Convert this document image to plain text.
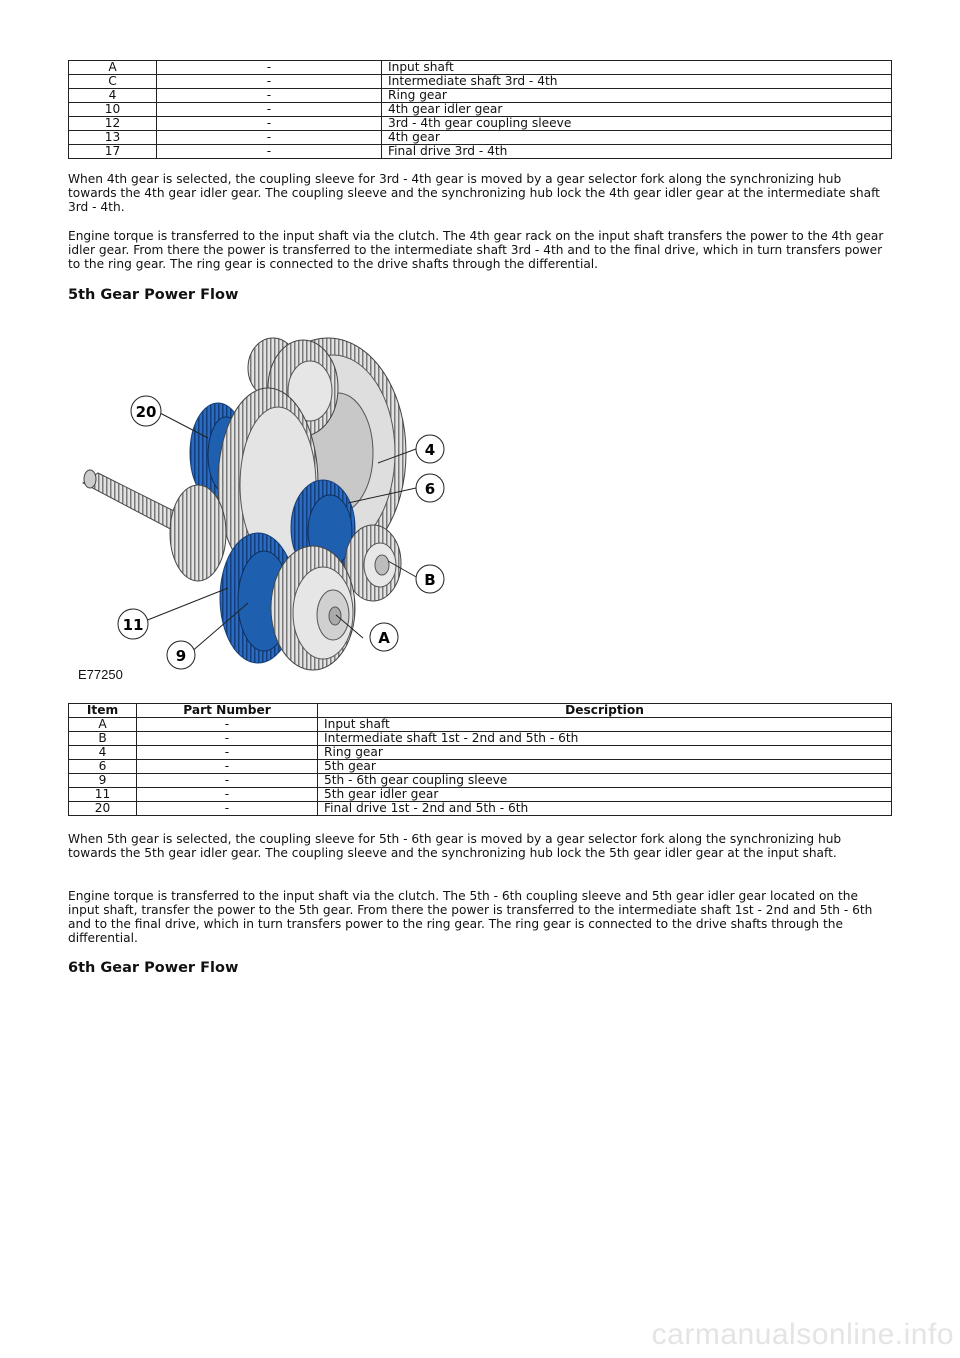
A	-	Input shaft
C	-	Intermediate shaft 3rd - 4th
4	-	Ring gear
10	-	4th gear idler gear
12	-	3rd - 4th gear coupling sleeve
13	-	4th gear
17	-	Final drive 3rd - 4th

When 4th gear is selected, the coupling sleeve for 3rd - 4th gear is moved by a gear selector fork along the synchronizing hub towards the 4th gear idler gear. The coupling sleeve and the synchronizing hub lock the 4th gear idler gear at the intermediate shaft 3rd - 4th.

Engine torque is transferred to the input shaft via the clutch. The 4th gear rack on the input shaft transfers the power to the 4th gear idler gear. From there the power is transferred to the intermediate shaft 3rd - 4th and to the final drive, which in turn transfers power to the ring gear. The ring gear is connected to the drive shafts through the differential.

5th Gear Power Flow
20
4
6
B
11
A
9
E77250
Item	Part Number	Description
A	-	Input shaft
B	-	Intermediate shaft 1st - 2nd and 5th - 6th
4	-	Ring gear
6	-	5th gear
9	-	5th - 6th gear coupling sleeve
11	-	5th gear idler gear
20	-	Final drive 1st - 2nd and 5th - 6th

When 5th gear is selected, the coupling sleeve for 5th - 6th gear is moved by a gear selector fork along the synchronizing hub towards the 5th gear idler gear. The coupling sleeve and the synchronizing hub lock the 5th gear idler gear at the input shaft.

Engine torque is transferred to the input shaft via the clutch. The 5th - 6th coupling sleeve and 5th gear idler gear located on the input shaft, transfer the power to the 5th gear. From there the power is transferred to the intermediate shaft 1st - 2nd and 5th - 6th and to the final drive, which in turn transfers power to the ring gear. The ring gear is connected to the drive shafts through the differential.

6th Gear Power Flow
carmanualsonline.info
